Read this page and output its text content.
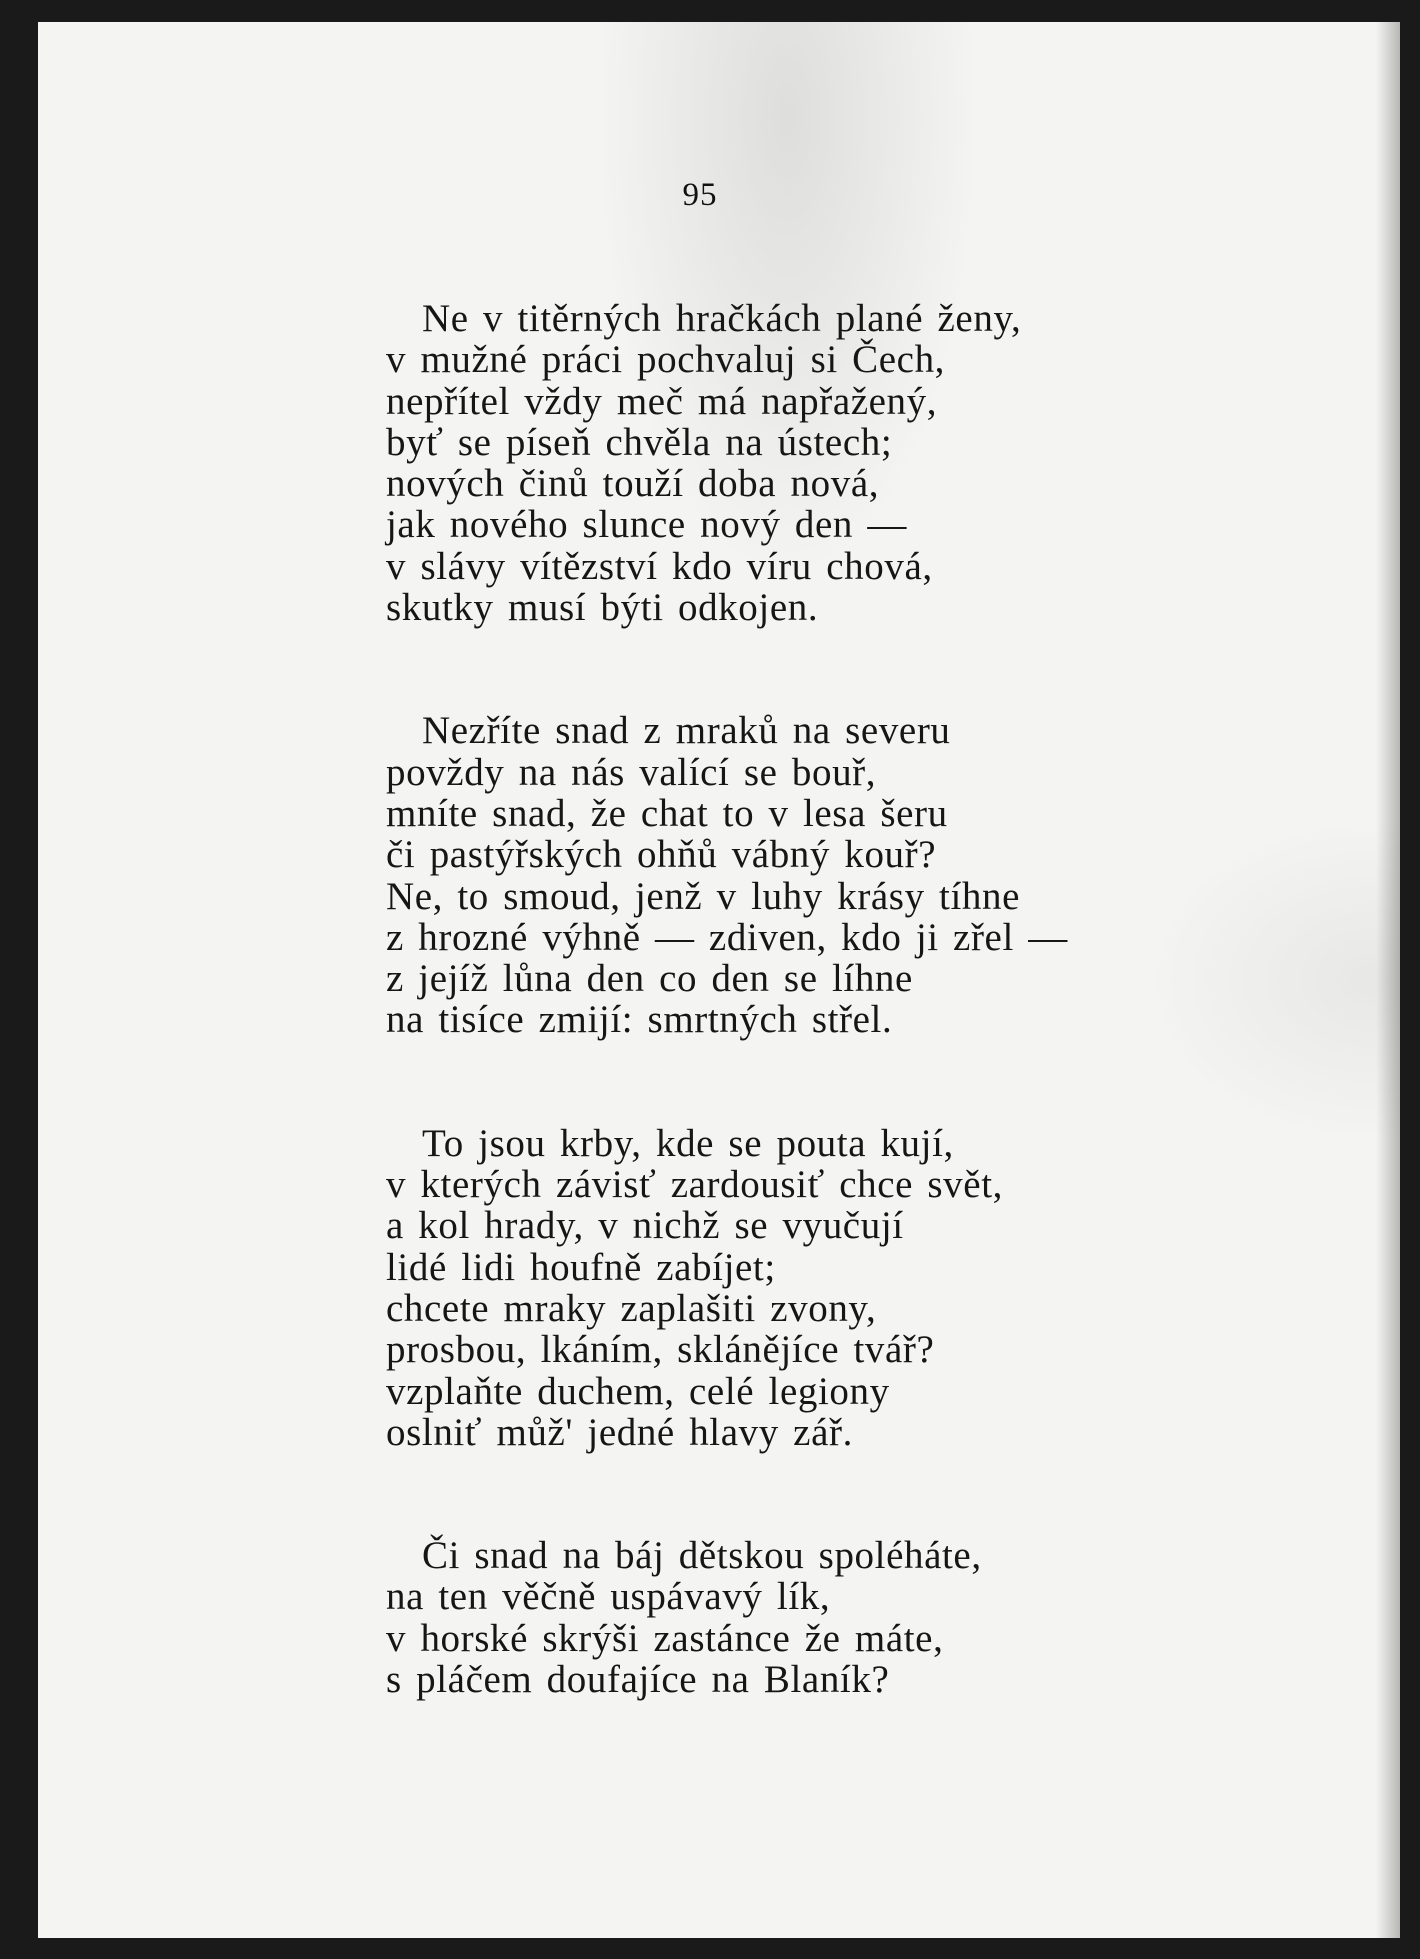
95

Ne v titěrných hračkách plané ženy,
v mužné práci pochvaluj si Čech,
nepřítel vždy meč má napřažený,
byť se píseň chvěla na ústech;
nových činů touží doba nová,
jak nového slunce nový den —
v slávy vítězství kdo víru chová,
skutky musí býti odkojen.

Nezříte snad z mraků na severu
povždy na nás valící se bouř,
mníte snad, že chat to v lesa šeru
či pastýřských ohňů vábný kouř?
Ne, to smoud, jenž v luhy krásy tíhne
z hrozné výhně — zdiven, kdo ji zřel —
z jejíž lůna den co den se líhne
na tisíce zmijí: smrtných střel.

To jsou krby, kde se pouta kují,
v kterých závisť zardousiť chce svět,
a kol hrady, v nichž se vyučují
lidé lidi houfně zabíjet;
chcete mraky zaplašiti zvony,
prosbou, lkáním, sklánějíce tvář?
vzplaňte duchem, celé legiony
oslniť můž' jedné hlavy zář.

Či snad na báj dětskou spoléháte,
na ten věčně uspávavý lík,
v horské skrýši zastánce že máte,
s pláčem doufajíce na Blaník?
